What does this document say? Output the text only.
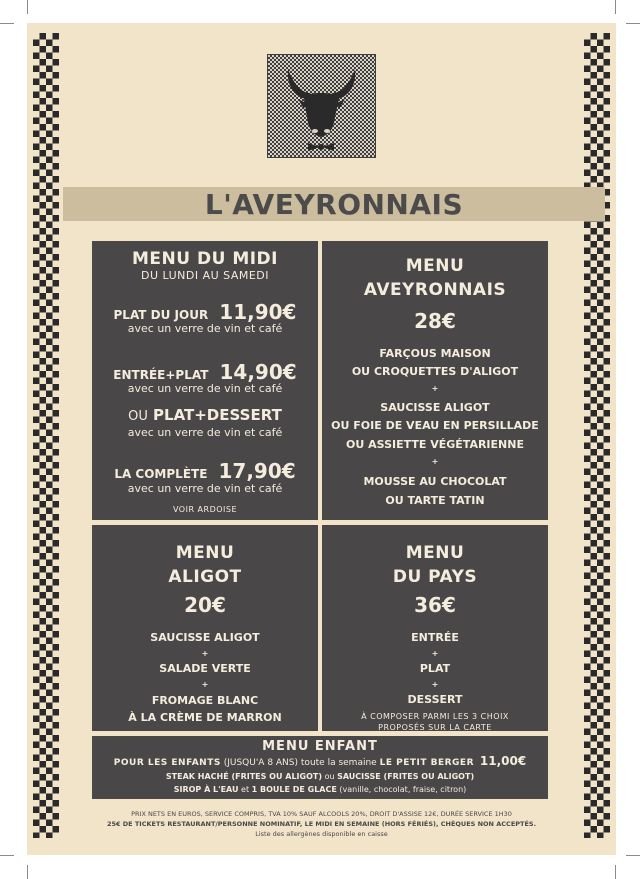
L'AVEYRONNAIS
MENU DU MIDI
DU LUNDI AU SAMEDI
PLAT DU JOUR 11,90€
avec un verre de vin et café
ENTRÉE+PLAT 14,90€
avec un verre de vin et café
OU PLAT+DESSERT
avec un verre de vin et café
LA COMPLÈTE 17,90€
avec un verre de vin et café
VOIR ARDOISE
MENU
AVEYRONNAIS
28€
FARÇOUS MAISON
OU CROQUETTES D'ALIGOT
+
SAUCISSE ALIGOT
OU FOIE DE VEAU EN PERSILLADE
OU ASSIETTE VÉGÉTARIENNE
+
MOUSSE AU CHOCOLAT
OU TARTE TATIN
MENU
ALIGOT
20€
SAUCISSE ALIGOT
+
SALADE VERTE
+
FROMAGE BLANC
À LA CRÈME DE MARRON
MENU
DU PAYS
36€
ENTRÉE
+
PLAT
+
DESSERT
À COMPOSER PARMI LES 3 CHOIX
PROPOSÉS SUR LA CARTE
MENU ENFANT
POUR LES ENFANTS (JUSQU'A 8 ANS) toute la semaine LE PETIT BERGER 11,00€
STEAK HACHÉ (FRITES OU ALIGOT) ou SAUCISSE (FRITES OU ALIGOT)
SIROP À L'EAU et 1 BOULE DE GLACE (vanille, chocolat, fraise, citron)
PRIX NETS EN EUROS, SERVICE COMPRIS, TVA 10% SAUF ALCOOLS 20%, DROIT D'ASSISE 12€, DURÉE SERVICE 1H30
25€ DE TICKETS RESTAURANT/PERSONNE NOMINATIF, LE MIDI EN SEMAINE (HORS FÉRIÉS), CHÈQUES NON ACCEPTÉS.
Liste des allergènes disponible en caisse
